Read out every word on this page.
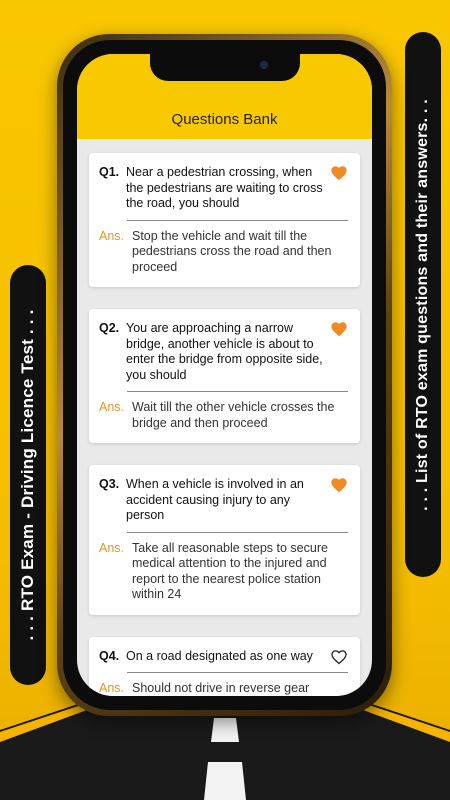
. . . RTO Exam - Driving Licence Test . . .	. . . List of RTO exam questions and their answers. . .
Questions Bank
Q1. Near a pedestrian crossing, when the pedestrians are waiting to cross the road, you should
Ans. Stop the vehicle and wait till the pedestrians cross the road and then proceed
Q2. You are approaching a narrow bridge, another vehicle is about to enter the bridge from opposite side, you should
Ans. Wait till the other vehicle crosses the bridge and then proceed
Q3. When a vehicle is involved in an accident causing injury to any person
Ans. Take all reasonable steps to secure medical attention to the injured and report to the nearest police station within 24
Q4. On a road designated as one way
Ans. Should not drive in reverse gear
